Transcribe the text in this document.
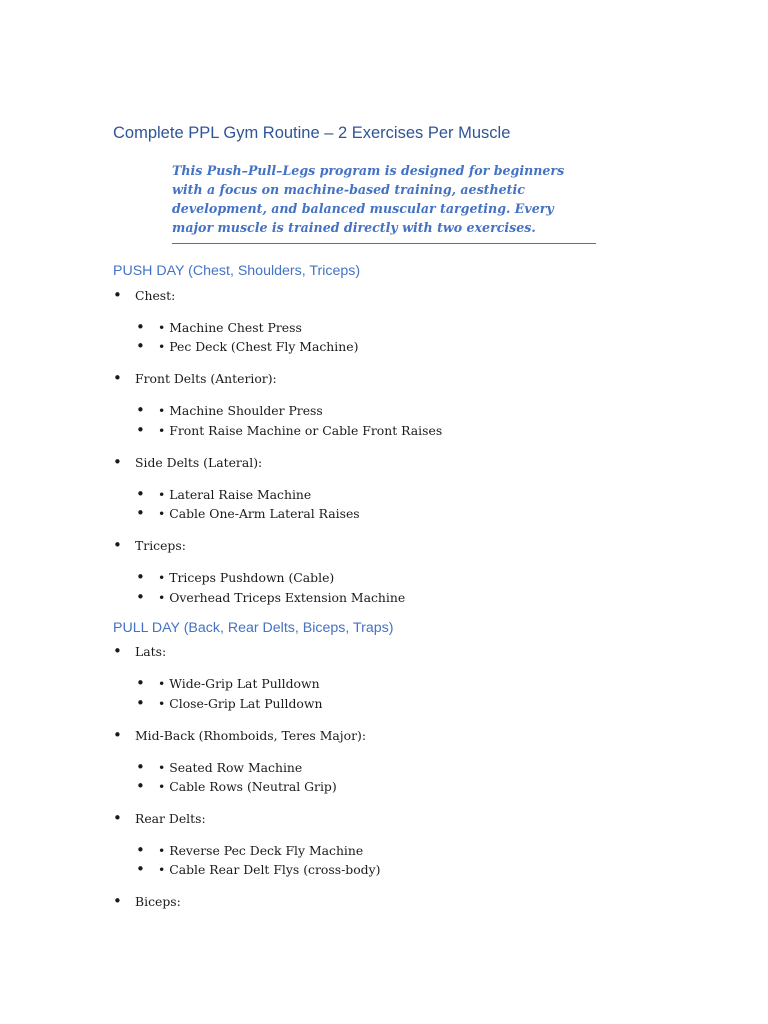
Complete PPL Gym Routine – 2 Exercises Per Muscle
This Push–Pull–Legs program is designed for beginners with a focus on machine-based training, aesthetic development, and balanced muscular targeting. Every major muscle is trained directly with two exercises.
PUSH DAY (Chest, Shoulders, Triceps)
• Chest:
• • Machine Chest Press
• • Pec Deck (Chest Fly Machine)
• Front Delts (Anterior):
• • Machine Shoulder Press
• • Front Raise Machine or Cable Front Raises
• Side Delts (Lateral):
• • Lateral Raise Machine
• • Cable One-Arm Lateral Raises
• Triceps:
• • Triceps Pushdown (Cable)
• • Overhead Triceps Extension Machine
PULL DAY (Back, Rear Delts, Biceps, Traps)
• Lats:
• • Wide-Grip Lat Pulldown
• • Close-Grip Lat Pulldown
• Mid-Back (Rhomboids, Teres Major):
• • Seated Row Machine
• • Cable Rows (Neutral Grip)
• Rear Delts:
• • Reverse Pec Deck Fly Machine
• • Cable Rear Delt Flys (cross-body)
• Biceps:
